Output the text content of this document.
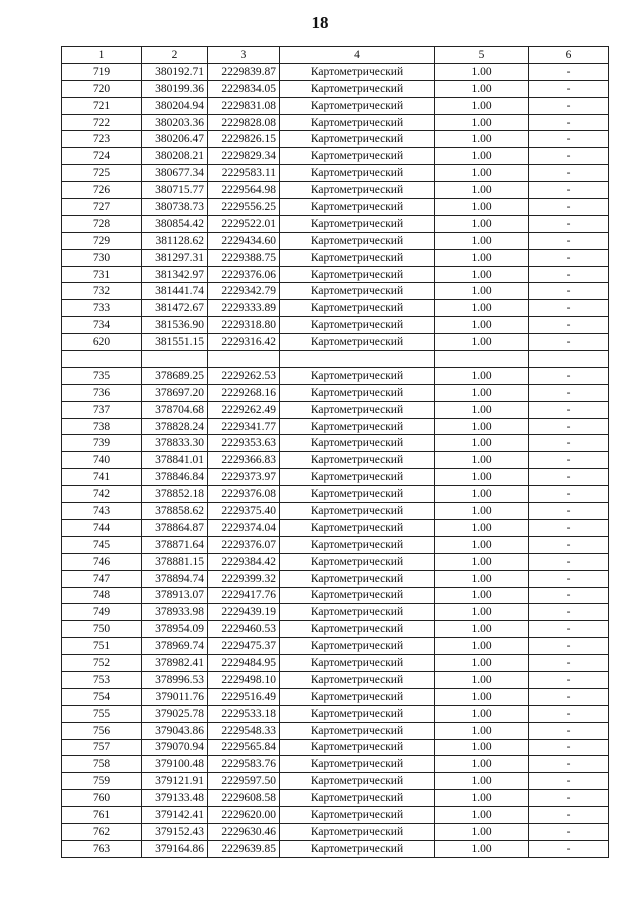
18
1	2	3	4	5	6
719	380192.71	2229839.87	Картометрический	1.00	-
720	380199.36	2229834.05	Картометрический	1.00	-
721	380204.94	2229831.08	Картометрический	1.00	-
722	380203.36	2229828.08	Картометрический	1.00	-
723	380206.47	2229826.15	Картометрический	1.00	-
724	380208.21	2229829.34	Картометрический	1.00	-
725	380677.34	2229583.11	Картометрический	1.00	-
726	380715.77	2229564.98	Картометрический	1.00	-
727	380738.73	2229556.25	Картометрический	1.00	-
728	380854.42	2229522.01	Картометрический	1.00	-
729	381128.62	2229434.60	Картометрический	1.00	-
730	381297.31	2229388.75	Картометрический	1.00	-
731	381342.97	2229376.06	Картометрический	1.00	-
732	381441.74	2229342.79	Картометрический	1.00	-
733	381472.67	2229333.89	Картометрический	1.00	-
734	381536.90	2229318.80	Картометрический	1.00	-
620	381551.15	2229316.42	Картометрический	1.00	-

735	378689.25	2229262.53	Картометрический	1.00	-
736	378697.20	2229268.16	Картометрический	1.00	-
737	378704.68	2229262.49	Картометрический	1.00	-
738	378828.24	2229341.77	Картометрический	1.00	-
739	378833.30	2229353.63	Картометрический	1.00	-
740	378841.01	2229366.83	Картометрический	1.00	-
741	378846.84	2229373.97	Картометрический	1.00	-
742	378852.18	2229376.08	Картометрический	1.00	-
743	378858.62	2229375.40	Картометрический	1.00	-
744	378864.87	2229374.04	Картометрический	1.00	-
745	378871.64	2229376.07	Картометрический	1.00	-
746	378881.15	2229384.42	Картометрический	1.00	-
747	378894.74	2229399.32	Картометрический	1.00	-
748	378913.07	2229417.76	Картометрический	1.00	-
749	378933.98	2229439.19	Картометрический	1.00	-
750	378954.09	2229460.53	Картометрический	1.00	-
751	378969.74	2229475.37	Картометрический	1.00	-
752	378982.41	2229484.95	Картометрический	1.00	-
753	378996.53	2229498.10	Картометрический	1.00	-
754	379011.76	2229516.49	Картометрический	1.00	-
755	379025.78	2229533.18	Картометрический	1.00	-
756	379043.86	2229548.33	Картометрический	1.00	-
757	379070.94	2229565.84	Картометрический	1.00	-
758	379100.48	2229583.76	Картометрический	1.00	-
759	379121.91	2229597.50	Картометрический	1.00	-
760	379133.48	2229608.58	Картометрический	1.00	-
761	379142.41	2229620.00	Картометрический	1.00	-
762	379152.43	2229630.46	Картометрический	1.00	-
763	379164.86	2229639.85	Картометрический	1.00	-
